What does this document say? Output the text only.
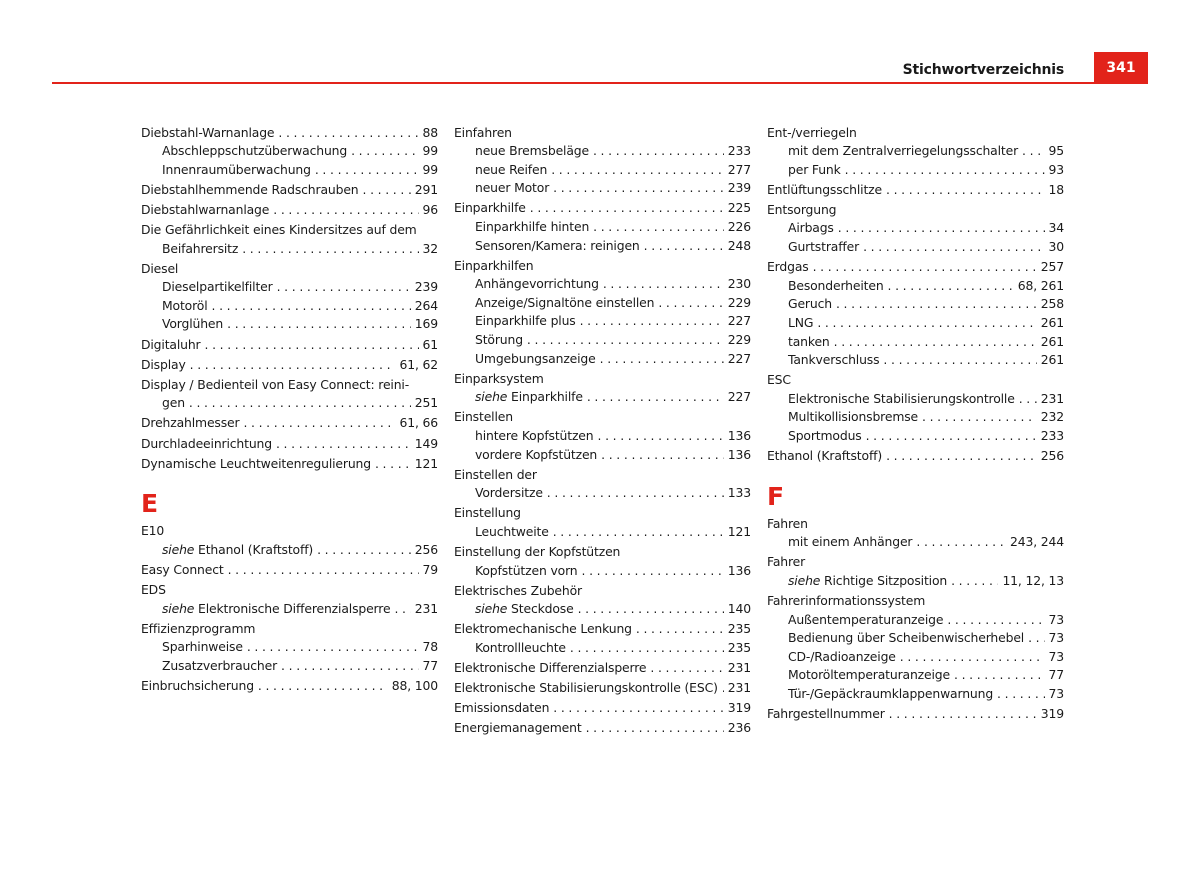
Stichwortverzeichnis	341
Diebstahl-Warnanlage . . .	88
Abschleppschutzüberwachung . . .	99
Innenraumüberwachung . . .	99
Diebstahlhemmende Radschrauben . . .	291
Diebstahlwarnanlage . . .	96
Die Gefährlichkeit eines Kindersitzes auf dem
Beifahrersitz . . .	32
Diesel
Dieselpartikelfilter . . .	239
Motoröl . . .	264
Vorglühen . . .	169
Digitaluhr . . .	61
Display . . .	61, 62
Display / Bedienteil von Easy Connect: reini-
gen . . .	251
Drehzahlmesser . . .	61, 66
Durchladeeinrichtung . . .	149
Dynamische Leuchtweitenregulierung . . .	121
E
E10
siehe Ethanol (Kraftstoff) . . .	256
Easy Connect . . .	79
EDS
siehe Elektronische Differenzialsperre . . . 231
Effizienzprogramm
Sparhinweise . . .	78
Zusatzverbraucher . . .	77
Einbruchsicherung . . .	88, 100
Einfahren
neue Bremsbeläge . . .	233
neue Reifen . . .	277
neuer Motor . . .	239
Einparkhilfe . . .	225
Einparkhilfe hinten . . .	226
Sensoren/Kamera: reinigen . . .	248
Einparkhilfen
Anhängevorrichtung . . .	230
Anzeige/Signaltöne einstellen . . .	229
Einparkhilfe plus . . .	227
Störung . . .	229
Umgebungsanzeige . . .	227
Einparksystem
siehe Einparkhilfe . . .	227
Einstellen
hintere Kopfstützen . . .	136
vordere Kopfstützen . . .	136
Einstellen der
Vordersitze . . .	133
Einstellung
Leuchtweite . . .	121
Einstellung der Kopfstützen
Kopfstützen vorn . . .	136
Elektrisches Zubehör
siehe Steckdose . . .	140
Elektromechanische Lenkung . . .	235
Kontrollleuchte . . .	235
Elektronische Differenzialsperre . . .	231
Elektronische Stabilisierungskontrolle (ESC) . . . 231
Emissionsdaten . . .	319
Energiemanagement . . .	236
Ent-/verriegeln
mit dem Zentralverriegelungsschalter . . . 95
per Funk . . .	93
Entlüftungsschlitze . . .	18
Entsorgung
Airbags . . .	34
Gurtstraffer . . .	30
Erdgas . . .	257
Besonderheiten . . .	68, 261
Geruch . . .	258
LNG . . .	261
tanken . . .	261
Tankverschluss . . .	261
ESC
Elektronische Stabilisierungskontrolle . . . 231
Multikollisionsbremse . . .	232
Sportmodus . . .	233
Ethanol (Kraftstoff) . . .	256
F
Fahren
mit einem Anhänger . . .	243, 244
Fahrer
siehe Richtige Sitzposition . . .	11, 12, 13
Fahrerinformationssystem
Außentemperaturanzeige . . .	73
Bedienung über Scheibenwischerhebel . . . 73
CD-/Radioanzeige . . .	73
Motoröltemperaturanzeige . . .	77
Tür-/Gepäckraumklappenwarnung . . .	73
Fahrgestellnummer . . .	319
